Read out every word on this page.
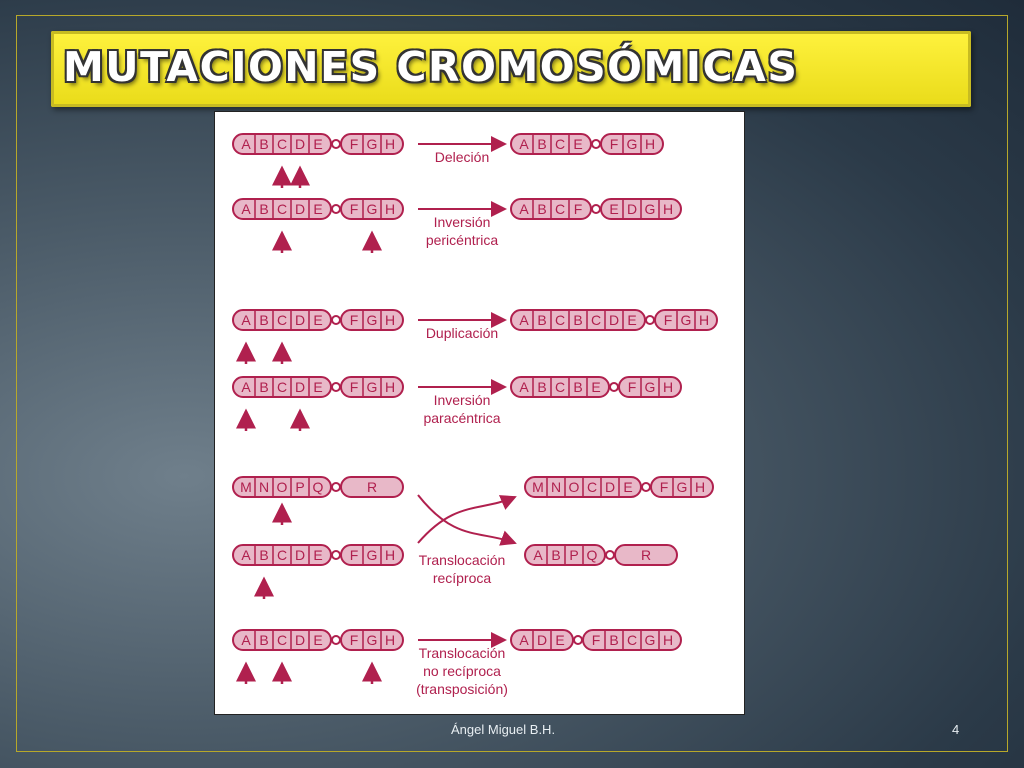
MUTACIONES CROMOSÓMICAS
A B C D E F G H	A B C E F G H
Deleción
A B C D E F G H	A B C F E D G H
Inversión
pericéntrica
A B C D E F G H	A B C B C D E F G H
Duplicación
A B C D E F G H	A B C B E F G H
Inversión
paracéntrica
M N O P Q	R
A B C D E F G H
M N O C D E F G H
A B P Q	R
Translocación
recíproca
A B C D E F G H	A D E F B C G H
Translocación
no recíproca
(transposición)
Ángel Miguel B.H.	4
